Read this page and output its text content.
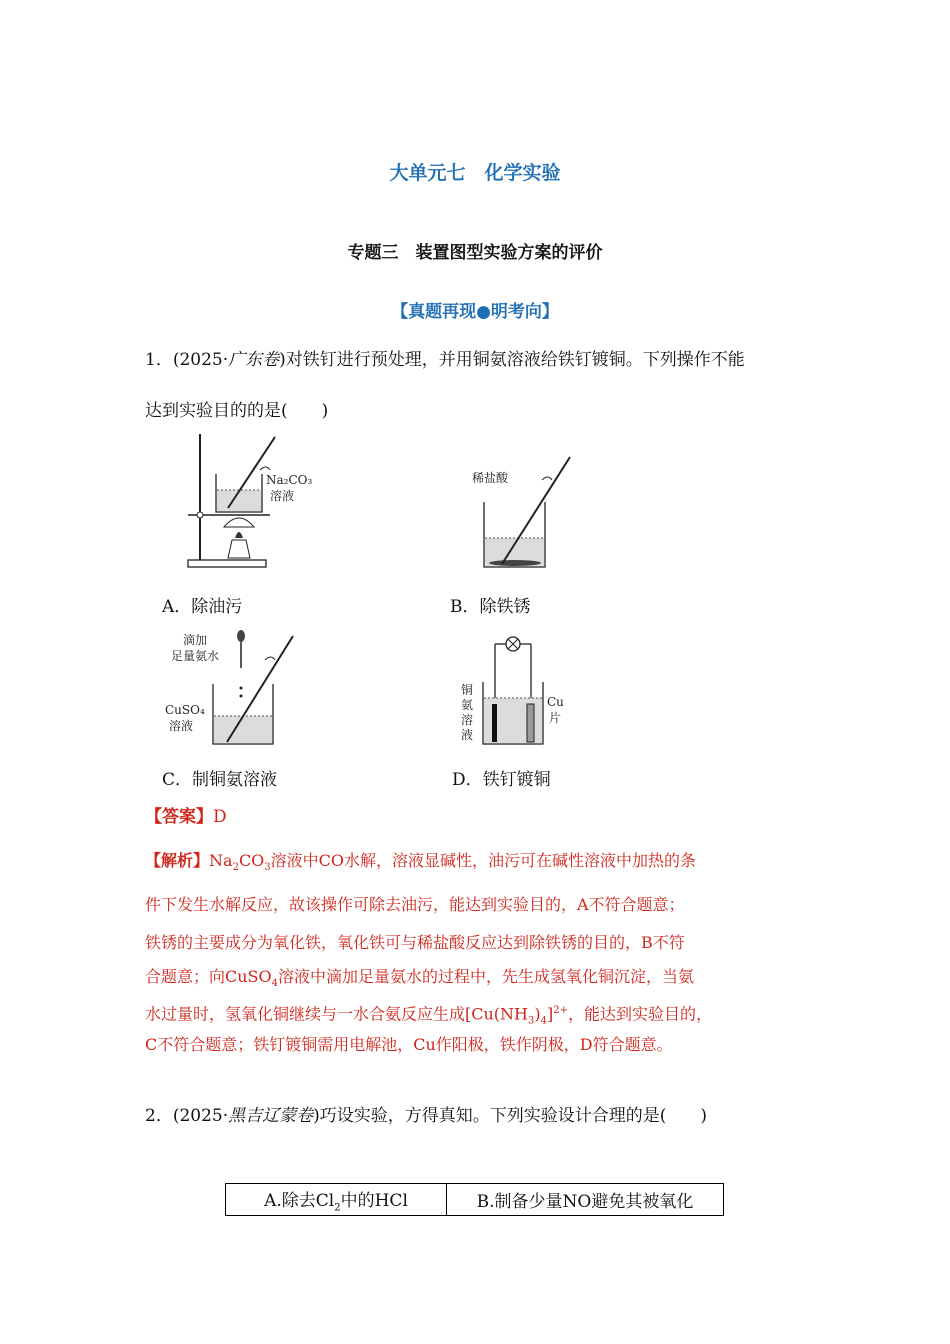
大单元七　化学实验
专题三　装置图型实验方案的评价
【真题再现●明考向】
1．(2025·广东卷)对铁钉进行预处理，并用铜氨溶液给铁钉镀铜。下列操作不能
达到实验目的的是(　　)
Na₂CO₃
溶液
稀盐酸
A．除油污	B．除铁锈
滴加
足量氨水
CuSO₄
溶液
铜
氨
溶
液
Cu
片
C．制铜氨溶液	D．铁钉镀铜
【答案】D
【解析】$Na_2CO_3$溶液中CO水解，溶液显碱性，油污可在碱性溶液中加热的条
件下发生水解反应，故该操作可除去油污，能达到实验目的，A不符合题意；
铁锈的主要成分为氧化铁，氧化铁可与稀盐酸反应达到除铁锈的目的，B不符
合题意；向CuSO$_4$溶液中滴加足量氨水的过程中，先生成氢氧化铜沉淀，当氨
水过量时，氢氧化铜继续与一水合氨反应生成$[Cu(NH_3)_4]^{2+}$，能达到实验目的，
C不符合题意；铁钉镀铜需用电解池，Cu作阳极，铁作阴极，D符合题意。
2．(2025·黑吉辽蒙卷)巧设实验，方得真知。下列实验设计合理的是(　　)
A.除去$Cl_2$中的HCl	B.制备少量NO避免其被氧化
